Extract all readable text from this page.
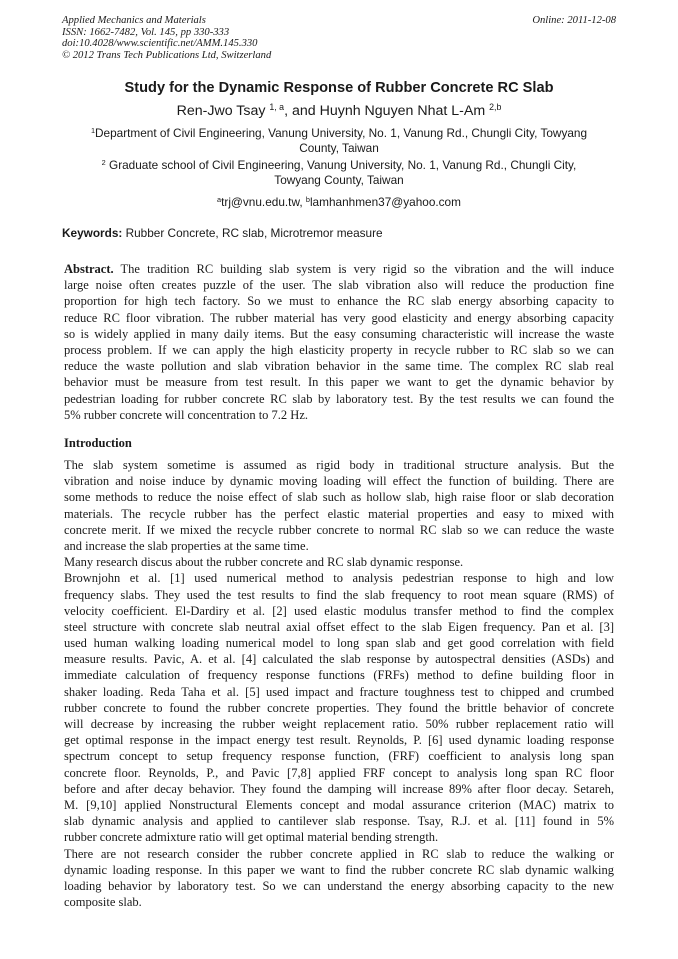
Applied Mechanics and Materials
ISSN: 1662-7482, Vol. 145, pp 330-333
doi:10.4028/www.scientific.net/AMM.145.330
© 2012 Trans Tech Publications Ltd, Switzerland
Online: 2011-12-08
Study for the Dynamic Response of Rubber Concrete RC Slab
Ren-Jwo Tsay $^{1, a}$, and Huynh Nguyen Nhat L-Am $^{2,b}$
$^1$Department of Civil Engineering, Vanung University, No. 1, Vanung Rd., Chungli City, Towyang
County, Taiwan
$^2$ Graduate school of Civil Engineering, Vanung University, No. 1, Vanung Rd., Chungli City,
Towyang County, Taiwan
$^a$trj@vnu.edu.tw, $^b$lamhanhmen37@yahoo.com
Keywords: Rubber Concrete, RC slab, Microtremor measure
Abstract. The tradition RC building slab system is very rigid so the vibration and the will induce
large noise often creates puzzle of the user. The slab vibration also will reduce the production fine
proportion for high tech factory. So we must to enhance the RC slab energy absorbing capacity to
reduce RC floor vibration. The rubber material has very good elasticity and energy absorbing capacity
so is widely applied in many daily items. But the easy consuming characteristic will increase the waste
process problem. If we can apply the high elasticity property in recycle rubber to RC slab so we can
reduce the waste pollution and slab vibration behavior in the same time. The complex RC slab real
behavior must be measure from test result. In this paper we want to get the dynamic behavior by
pedestrian loading for rubber concrete RC slab by laboratory test. By the test results we can found the
5% rubber concrete will concentration to 7.2 Hz.
Introduction
The slab system sometime is assumed as rigid body in traditional structure analysis. But the
vibration and noise induce by dynamic moving loading will effect the function of building. There are
some methods to reduce the noise effect of slab such as hollow slab, high raise floor or slab decoration
materials. The recycle rubber has the perfect elastic material properties and easy to mixed with
concrete merit. If we mixed the recycle rubber concrete to normal RC slab so we can reduce the waste
and increase the slab properties at the same time.
Many research discus about the rubber concrete and RC slab dynamic response.
Brownjohn et al. [1] used numerical method to analysis pedestrian response to high and low
frequency slabs. They used the test results to find the slab frequency to root mean square (RMS) of
velocity coefficient. El-Dardiry et al. [2] used elastic modulus transfer method to find the complex
steel structure with concrete slab neutral axial offset effect to the slab Eigen frequency. Pan et al. [3]
used human walking loading numerical model to long span slab and get good correlation with field
measure results. Pavic, A. et al. [4] calculated the slab response by autospectral densities (ASDs) and
immediate calculation of frequency response functions (FRFs) method to define building floor in
shaker loading. Reda Taha et al. [5] used impact and fracture toughness test to chipped and crumbed
rubber concrete to found the rubber concrete properties. They found the brittle behavior of concrete
will decrease by increasing the rubber weight replacement ratio. 50% rubber replacement ratio will
get optimal response in the impact energy test result. Reynolds, P. [6] used dynamic loading response
spectrum concept to setup frequency response function, (FRF) coefficient to analysis long span
concrete floor. Reynolds, P., and Pavic [7,8] applied FRF concept to analysis long span RC floor
before and after decay behavior. They found the damping will increase 89% after floor decay. Setareh,
M. [9,10] applied Nonstructural Elements concept and modal assurance criterion (MAC) matrix to
slab dynamic analysis and applied to cantilever slab response. Tsay, R.J. et al. [11] found in 5%
rubber concrete admixture ratio will get optimal material bending strength.
There are not research consider the rubber concrete applied in RC slab to reduce the walking or
dynamic loading response. In this paper we want to find the rubber concrete RC slab dynamic walking
loading behavior by laboratory test. So we can understand the energy absorbing capacity to the new
composite slab.
